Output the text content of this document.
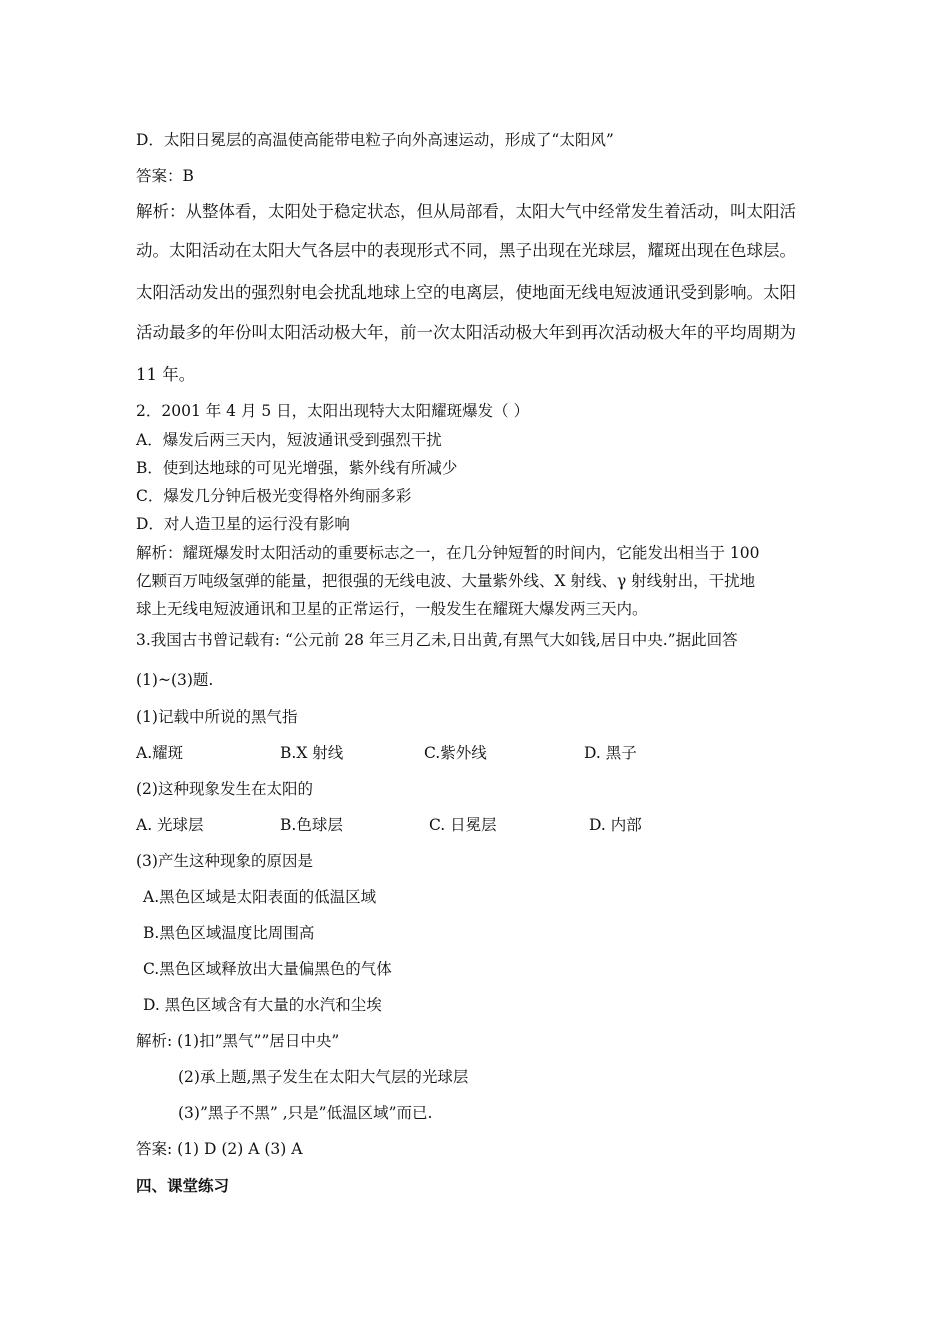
D．太阳日冕层的高温使高能带电粒子向外高速运动，形成了“太阳风”
答案：B
解析：从整体看，太阳处于稳定状态，但从局部看，太阳大气中经常发生着活动，叫太阳活
动。太阳活动在太阳大气各层中的表现形式不同，黑子出现在光球层，耀斑出现在色球层。
太阳活动发出的强烈射电会扰乱地球上空的电离层，使地面无线电短波通讯受到影响。太阳
活动最多的年份叫太阳活动极大年，前一次太阳活动极大年到再次活动极大年的平均周期为
11 年。
2．2001 年 4 月 5 日，太阳出现特大太阳耀斑爆发（ ）
A．爆发后两三天内，短波通讯受到强烈干扰
B．使到达地球的可见光增强，紫外线有所减少
C．爆发几分钟后极光变得格外绚丽多彩
D．对人造卫星的运行没有影响
解析：耀斑爆发时太阳活动的重要标志之一，在几分钟短暂的时间内，它能发出相当于 100
亿颗百万吨级氢弹的能量，把很强的无线电波、大量紫外线、X 射线、γ 射线射出，干扰地
球上无线电短波通讯和卫星的正常运行，一般发生在耀斑大爆发两三天内。
3.我国古书曾记载有: “公元前 28 年三月乙未,日出黄,有黑气大如钱,居日中央.”据此回答
(1)~(3)题.
(1)记载中所说的黑气指
A.耀斑	B.X 射线	C.紫外线	D. 黑子
(2)这种现象发生在太阳的
A. 光球层	B.色球层	C. 日冕层	D. 内部
(3)产生这种现象的原因是
A.黑色区域是太阳表面的低温区域
B.黑色区域温度比周围高
C.黑色区域释放出大量偏黑色的气体
D. 黑色区域含有大量的水汽和尘埃
解析: (1)扣”黑气””居日中央”
(2)承上题,黑子发生在太阳大气层的光球层
(3)”黑子不黑” ,只是”低温区域”而已.
答案: (1) D (2) A (3) A
四、课堂练习
